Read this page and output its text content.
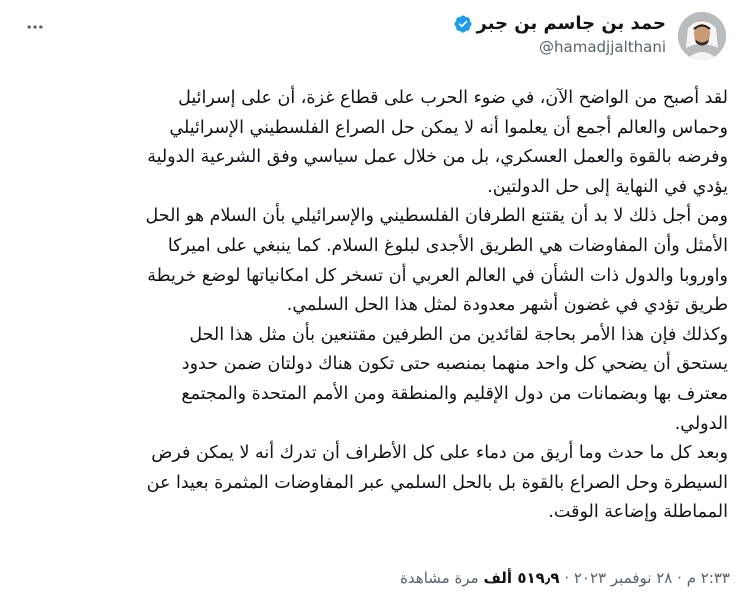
حمد بن جاسم بن جبر
@hamadjjalthani
لقد أصبح من الواضح الآن، في ضوء الحرب على قطاع غزة، أن على إسرائيل
وحماس والعالم أجمع أن يعلموا أنه لا يمكن حل الصراع الفلسطيني الإسرائيلي
وفرضه بالقوة والعمل العسكري، بل من خلال عمل سياسي وفق الشرعية الدولية
يؤدي في النهاية إلى حل الدولتين.
ومن أجل ذلك لا بد أن يقتنع الطرفان الفلسطيني والإسرائيلي بأن السلام هو الحل
الأمثل وأن المفاوضات هي الطريق الأجدى لبلوغ السلام. كما ينبغي على اميركا
واوروبا والدول ذات الشأن في العالم العربي أن تسخر كل امكانياتها لوضع خريطة
طريق تؤدي في غضون أشهر معدودة لمثل هذا الحل السلمي.
وكذلك فإن هذا الأمر بحاجة لقائدين من الطرفين مقتنعين بأن مثل هذا الحل
يستحق أن يضحي كل واحد منهما بمنصبه حتى تكون هناك دولتان ضمن حدود
معترف بها وبضمانات من دول الإقليم والمنطقة ومن الأمم المتحدة والمجتمع
الدولي.
وبعد كل ما حدث وما أريق من دماء على كل الأطراف أن تدرك أنه لا يمكن فرض
السيطرة وحل الصراع بالقوة بل بالحل السلمي عبر المفاوضات المثمرة بعيدا عن
المماطلة وإضاعة الوقت.
٢:٣٣ م · ٢٨ نوفمبر ٢٠٢٣ · ٥١٩٫٩ ألف مرة مشاهدة
